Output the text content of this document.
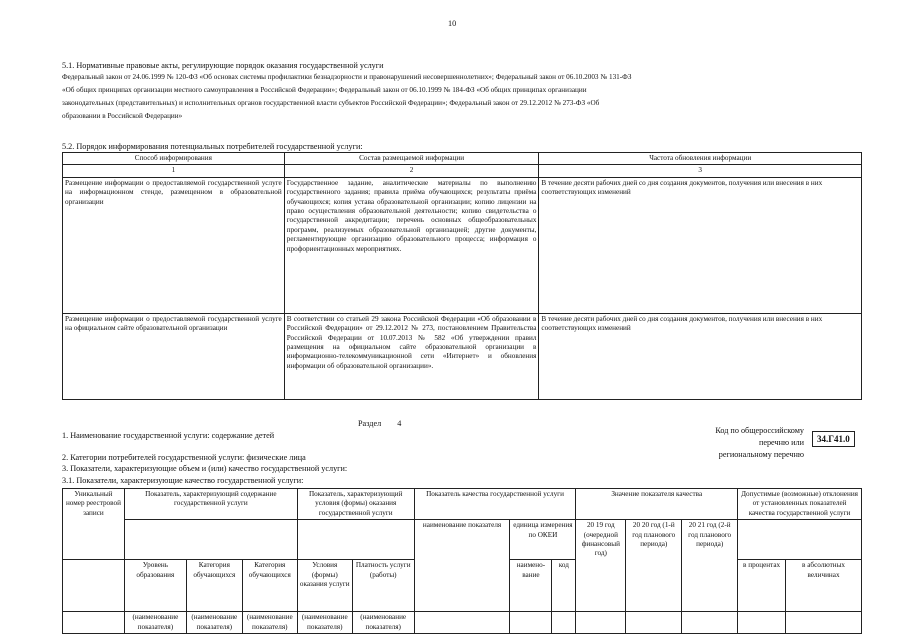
10
5.1. Нормативные правовые акты, регулирующие порядок оказания государственной услуги
Федеральный закон от 24.06.1999 № 120-ФЗ «Об основах системы профилактики безнадзорности и правонарушений несовершеннолетних»; Федеральный закон от 06.10.2003 № 131-ФЗ
«Об общих принципах организации местного самоуправления в Российской Федерации»; Федеральный закон от 06.10.1999 № 184-ФЗ «Об общих принципах организации
законодательных (представительных) и исполнительных органов государственной власти субъектов Российской Федерации»; Федеральный закон от 29.12.2012 № 273-ФЗ «Об
образовании в Российской Федерации»
5.2. Порядок информирования потенциальных потребителей государственной услуги:
Способ информирования	Состав размещаемой информации	Частота обновления информации
1	2	3
Размещение информации о предоставляемой государственной услуге на информационном стенде, размещенном в образовательной организации	Государственное задание, аналитические материалы по выполнению государственного задания; правила приёма обучающихся; результаты приёма обучающихся; копия устава образовательной организации; копию лицензии на право осуществления образовательной деятельности; копию свидетельства о государственной аккредитации; перечень основных общеобразовательных программ, реализуемых образовательной организацией; другие документы, регламентирующие организацию образовательного процесса; информация о профориентационных мероприятиях.	В течение десяти рабочих дней со дня создания документов, получения или внесения в них соответствующих изменений
Размещение информации о предоставляемой государственной услуге на официальном сайте образовательной организации	В соответствии со статьей 29 закона Российской Федерации «Об образовании в Российской Федерации» от 29.12.2012 № 273, постановлением Правительства Российской Федерации от 10.07.2013 № 582 «Об утверждении правил размещения на официальном сайте образовательной организации в информационно-телекоммуникационной сети «Интернет» и обновления информации об образовательной организации».	В течение десяти рабочих дней со дня создания документов, получения или внесения в них соответствующих изменений
Раздел 4
1. Наименование государственной услуги: содержание детей
2. Категории потребителей государственной услуги: физические лица
3. Показатели, характеризующие объем и (или) качество государственной услуги:
3.1. Показатели, характеризующие качество государственной услуги:
Код по общероссийскому
перечню или
региональному перечню
34.Г41.0
Уникальный номер реестровой записи	Показатель, характеризующий содержание государственной услуги			Показатель, характеризующий условия (формы) оказания государственной услуги		Показатель качества государственной услуги			Значение показателя качества			Допустимые (возможные) отклонения от установленных показателей качества государственной услуги	
						наименование показателя	единица измерения по ОКЕИ		20 19 год (очередной финансовый год)	20 20 год (1-й год планового периода)	20 21 год (2-й год планового периода)		
	Уровень образования	Категория обучающихся	Категория обучающихся	Условия (формы) оказания услуги	Платность услуги (работы)		наимено-вание	код				в процентах	в абсолютных величинах
	(наименование показателя)	(наименование показателя)	(наименование показателя)	(наименование показателя)	(наименование показателя)								
